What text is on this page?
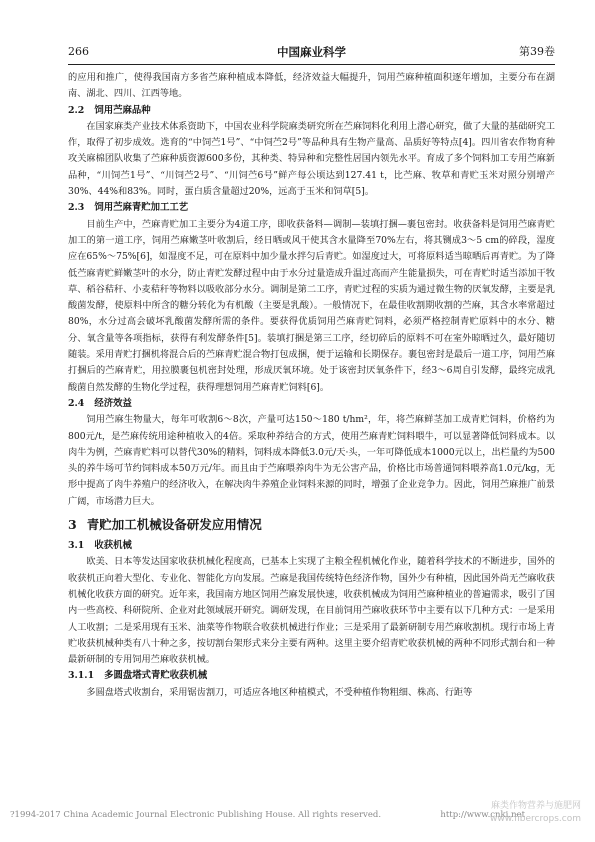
266	中国麻业科学	第39卷

的应用和推广，使得我国南方多省苎麻种植成本降低，经济效益大幅提升，饲用苎麻种植面积逐年增加，主要分布在湖南、湖北、四川、江西等地。

2.2 饲用苎麻品种

在国家麻类产业技术体系资助下，中国农业科学院麻类研究所在苎麻饲料化利用上潜心研究，做了大量的基础研究工作，取得了初步成效。选育的“中饲苎1号”、“中饲苎2号”等品种具有生物产量高、品质好等特点[4]。四川省农作物育种攻关麻棉团队收集了苎麻种质资源600多份，其种类、特异种和完整性居国内领先水平。育成了多个饲料加工专用苎麻新品种，“川饲苎1号”、“川饲苎2号”、“川饲苎6号”鲜产每公顷达到127.41 t，比苎麻、牧草和青贮玉米对照分别增产30%、44%和83%。同时，蛋白质含量超过20%，远高于玉米和饲草[5]。

2.3 饲用苎麻青贮加工工艺

目前生产中，苎麻青贮加工主要分为4道工序，即收获备料—调制—装填打捆—裹包密封。收获备料是饲用苎麻青贮加工的第一道工序，饲用苎麻嫩茎叶收割后，经日晒或风干使其含水量降至70%左右，将其铡成3～5 cm的碎段，湿度应在65%～75%[6]，如湿度不足，可在原料中加少量水拌匀后青贮。如湿度过大，可将原料适当晾晒后再青贮。为了降低苎麻青贮鲜嫩茎叶的水分，防止青贮发酵过程中由于水分过量造成升温过高而产生能量损失，可在青贮时适当添加干牧草、稻谷秸秆、小麦秸秆等物料以吸收部分水分。调制是第二工序，青贮过程的实质为通过微生物的厌氧发酵，主要是乳酸菌发酵，使原料中所含的糖分转化为有机酸（主要是乳酸）。一般情况下，在最佳收割期收割的苎麻，其含水率常超过80%，水分过高会破坏乳酸菌发酵所需的条件。要获得优质饲用苎麻青贮饲料，必须严格控制青贮原料中的水分、糖分、氧含量等各项指标，获得有利发酵条件[5]。装填打捆是第三工序，经切碎后的原料不可在室外晾晒过久，最好随切随装。采用青贮打捆机将混合后的苎麻青贮混合物打包成捆，便于运输和长期保存。裹包密封是最后一道工序，饲用苎麻打捆后的苎麻青贮，用拉膜裹包机密封处理，形成厌氧环境。处于该密封厌氧条件下，经3～6周自引发酵，最终完成乳酸菌自然发酵的生物化学过程，获得理想饲用苎麻青贮饲料[6]。

2.4 经济效益

饲用苎麻生物量大，每年可收割6～8次，产量可达150～180 t/hm²，年，将苎麻鲜茎加工成青贮饲料，价格约为800元/t，是苎麻传统用途种植收入的4倍。采取种养结合的方式，使用苎麻青贮饲料喂牛，可以显著降低饲料成本。以肉牛为例，苎麻青贮料可以替代30%的精料，饲料成本降低3.0元/天·头，一年可降低成本1000元以上，出栏量约为500头的养牛场可节约饲料成本50万元/年。而且由于苎麻喂养肉牛为无公害产品，价格比市场普通饲料喂养高1.0元/kg，无形中提高了肉牛养殖户的经济收入，在解决肉牛养殖企业饲料来源的同时，增强了企业竞争力。因此，饲用苎麻推广前景广阔，市场潜力巨大。

3 青贮加工机械设备研发应用情况
3.1 收获机械

欧美、日本等发达国家收获机械化程度高，已基本上实现了主粮全程机械化作业，随着科学技术的不断进步，国外的收获机正向着大型化、专业化、智能化方向发展。苎麻是我国传统特色经济作物，国外少有种植，因此国外尚无苎麻收获机械化收获方面的研究。近年来，我国南方地区饲用苎麻发展快速，收获机械成为饲用苎麻种植业的普遍需求，吸引了国内一些高校、科研院所、企业对此领域展开研究。调研发现，在目前饲用苎麻收获环节中主要有以下几种方式：一是采用人工收割；二是采用现有玉米、油菜等作物联合收获机械进行作业；三是采用了最新研制专用苎麻收割机。现行市场上青贮收获机械种类有八十种之多，按切割台架形式来分主要有两种。这里主要介绍青贮收获机械的两种不同形式割台和一种最新研制的专用饲用苎麻收获机械。

3.1.1 多圆盘塔式青贮收获机械

多圆盘塔式收割台，采用锯齿割刀，可适应各地区种植模式，不受种植作物粗细、株高、行距等

?1994-2017 China Academic Journal Electronic Publishing House. All rights reserved.	http://www.cnki.net
麻类作物营养与施肥网
www.fibercrops.com
